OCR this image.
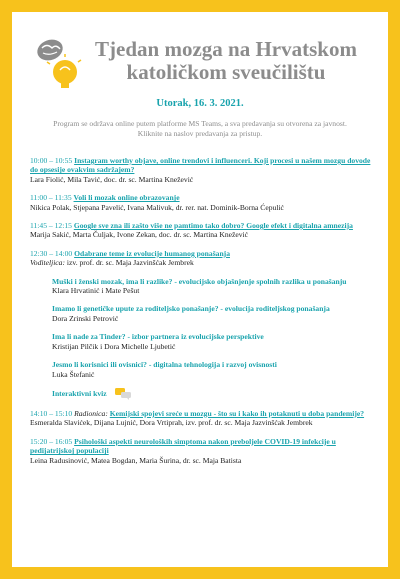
Tjedan mozga na Hrvatskom
katoličkom sveučilištu
Utorak, 16. 3. 2021.
Program se održava online putem platforme MS Teams, a sva predavanja su otvorena za javnost. Kliknite na naslov predavanja za pristup.
10:00 – 10:55 Instagram worthy objave, online trendovi i influenceri. Koji procesi u našem mozgu dovode do opsesije ovakvim sadržajem?
Lara Fiolić, Mila Tavić, doc. dr. sc. Martina Knežević
11:00 – 11:35 Voli li mozak online obrazovanje
Nikica Polak, Stjepana Pavelić, Ivana Malivuk, dr. rer. nat. Dominik-Borna Ćepulić
11:45 – 12:15 Google sve zna ili zašto više ne pamtimo tako dobro? Google efekt i digitalna amnezija
Marija Sakić, Marta Čuljak, Ivone Zekan, doc. dr. sc. Martina Knežević
12:30 – 14:00 Odabrane teme iz evolucije humanog ponašanja
Voditeljica: izv. prof. dr. sc. Maja Jazvinšćak Jembrek
Muški i ženski mozak, ima li razlike? - evolucijsko objašnjenje spolnih razlika u ponašanju
Klara Hrvatinić i Mate Pešut
Imamo li genetičke upute za roditeljsko ponašanje? - evolucija roditeljskog ponašanja
Dora Zrinski Petrović
Ima li nade za Tinder? - izbor partnera iz evolucijske perspektive
Kristijan Pilčik i Dora Michelle Ljubetić
Jesmo li korisnici ili ovisnici? - digitalna tehnologija i razvoj ovisnosti
Luka Štefanić
Interaktivni kviz
14:10 – 15:10 Radionica: Kemijski spojevi sreće u mozgu - što su i kako ih potaknuti u doba pandemije?
Esmeralda Slavićek, Dijana Lujnić, Dora Vrtiprah, izv. prof. dr. sc. Maja Jazvinšćak Jembrek
15:20 – 16:05 Psihološki aspekti neuroloških simptoma nakon preboljele COVID-19 infekcije u pedijatrijskoj populaciji
Leina Radusinović, Matea Bogdan, Maria Šurina, dr. sc. Maja Batista
